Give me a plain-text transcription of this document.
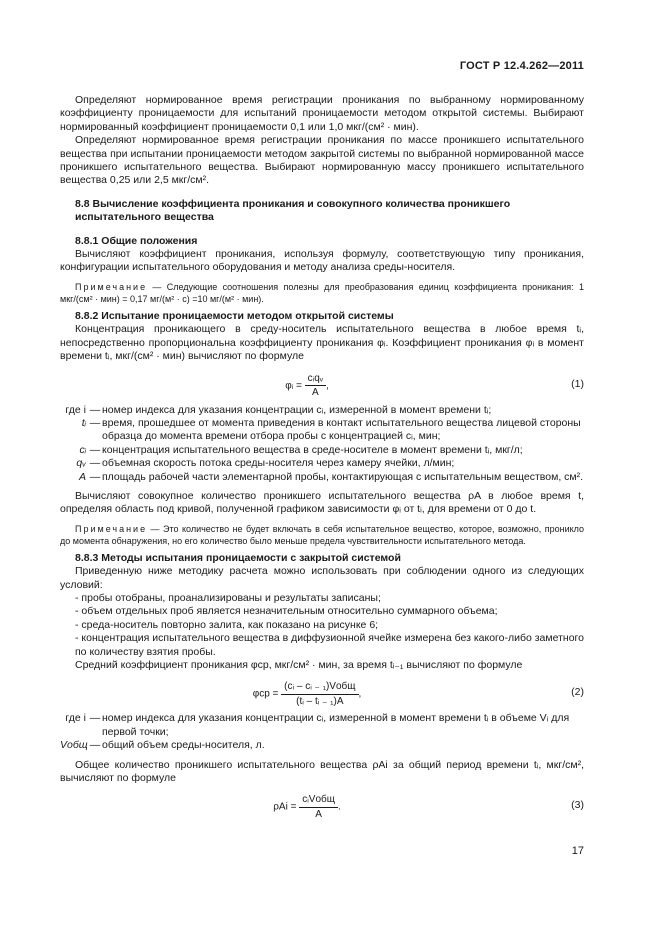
ГОСТ Р 12.4.262—2011

Определяют нормированное время регистрации проникания по выбранному нормированному коэффициенту проницаемости для испытаний проницаемости методом открытой системы. Выбирают нормированный коэффициент проницаемости 0,1 или 1,0 мкг/(см² · мин).

Определяют нормированное время регистрации проникания по массе проникшего испытательного вещества при испытании проницаемости методом закрытой системы по выбранной нормированной массе проникшего испытательного вещества. Выбирают нормированную массу проникшего испытательного вещества 0,25 или 2,5 мкг/см².

8.8 Вычисление коэффициента проникания и совокупного количества проникшего

испытательного вещества

8.8.1 Общие положения

Вычисляют коэффициент проникания, используя формулу, соответствующую типу проникания, конфигурации испытательного оборудования и методу анализа среды-носителя.

Примечание — Следующие соотношения полезны для преобразования единиц коэффициента проникания: 1 мкг/(см² · мин) = 0,17 мг/(м² · с) =10 мг/(м² · мин).

8.8.2 Испытание проницаемости методом открытой системы

Концентрация проникающего в среду-носитель испытательного вещества в любое время tᵢ, непосредственно пропорциональна коэффициенту проникания φᵢ. Коэффициент проникания φᵢ в момент времени tᵢ, мкг/(см² · мин) вычисляют по формуле

φᵢ = $\frac{\text{cᵢqᵥ}}{A}$ ,	(1)
где i — номер индекса для указания концентрации cᵢ, измеренной в момент времени tᵢ;
tᵢ — время, прошедшее от момента приведения в контакт испытательного вещества лицевой стороны образца до момента времени отбора пробы с концентрацией cᵢ, мин;
cᵢ — концентрация испытательного вещества в среде-носителе в момент времени tᵢ, мкг/л;
qᵥ — объемная скорость потока среды-носителя через камеру ячейки, л/мин;
A — площадь рабочей части элементарной пробы, контактирующая с испытательным веществом, см².

Вычисляют совокупное количество проникшего испытательного вещества ρA в любое время t, определяя область под кривой, полученной графиком зависимости φᵢ от tᵢ, для времени от 0 до t.

Примечание — Это количество не будет включать в себя испытательное вещество, которое, возможно, проникло до момента обнаружения, но его количество было меньше предела чувствительности испытательного метода.

8.8.3 Методы испытания проницаемости с закрытой системой

Приведенную ниже методику расчета можно использовать при соблюдении одного из следующих условий:

- пробы отобраны, проанализированы и результаты записаны;

- объем отдельных проб является незначительным относительно суммарного объема;

- среда-носитель повторно залита, как показано на рисунке 6;

- концентрация испытательного вещества в диффузионной ячейке измерена без какого-либо заметного по количеству взятия пробы.

Средний коэффициент проникания φср, мкг/см² · мин, за время tᵢ₋₁ вычисляют по формуле

$\varphi ср = \frac{\text{(cᵢ – cᵢ ₋ ₁)Vобщ}}{\text{(tᵢ – tᵢ ₋ ₁)A}}$ ,	(2)
где i — номер индекса для указания концентрации cᵢ, измеренной в момент времени tᵢ в объеме Vᵢ для первой точки;
Vобщ — общий объем среды-носителя, л.

Общее количество проникшего испытательного вещества ρAi за общий период времени tᵢ, мкг/см², вычисляют по формуле

$\rho Ai = \frac{\text{cᵢVобщ}}{A}$ .	(3)
17
